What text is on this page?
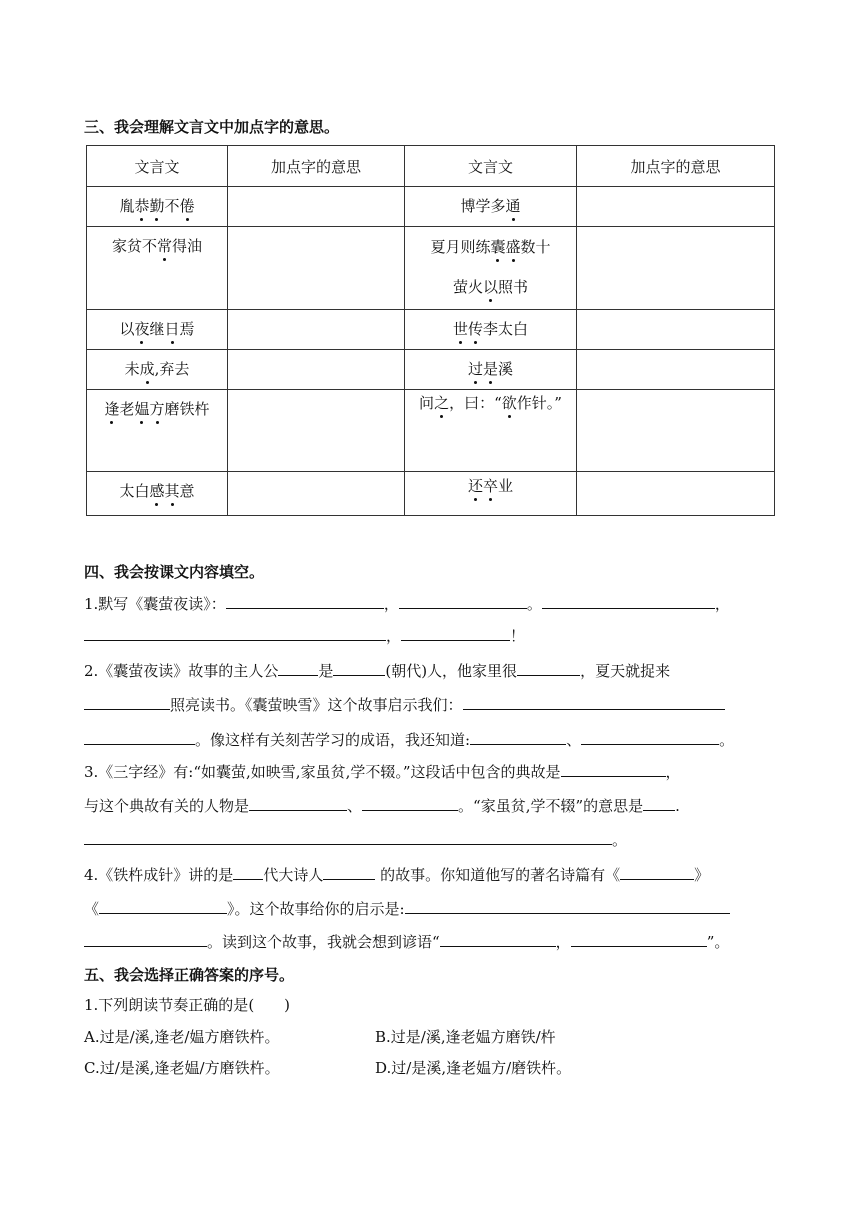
三、我会理解文言文中加点字的意思。
文言文	加点字的意思	文言文	加点字的意思

胤恭勤不倦		博学多通	

家贫不常得油		夏月则练囊盛数十
萤火以照书	

以夜继日焉		世传李太白	

未成,弃去		过是溪	

逢老媪方磨铁杵		问之，曰：“欲作针。”	

太白感其意		还卒业	

四、我会按课文内容填空。
1.默写《囊萤夜读》：	，	。	，
，	！
2.《囊萤夜读》故事的主人公	是	(朝代)人，他家里很	，夏天就捉来
照亮读书。《囊萤映雪》这个故事启示我们：
。像这样有关刻苦学习的成语，我还知道:	、	。
3.《三字经》有:“如囊萤,如映雪,家虽贫,学不辍。”这段话中包含的典故是	，
与这个典故有关的人物是	、	。“家虽贫,学不辍”的意思是 .
。
4.《铁杵成针》讲的是 代大诗人	的故事。你知道他写的著名诗篇有《	》
《	》。这个故事给你的启示是:
。读到这个故事，我就会想到谚语“	，	”。
五、我会选择正确答案的序号。
1.下列朗读节奏正确的是(　　)
A.过是/溪,逢老/媪方磨铁杵。	B.过是/溪,逢老媪方磨铁/杵
C.过/是溪,逢老媪/方磨铁杵。	D.过/是溪,逢老媪方/磨铁杵。
